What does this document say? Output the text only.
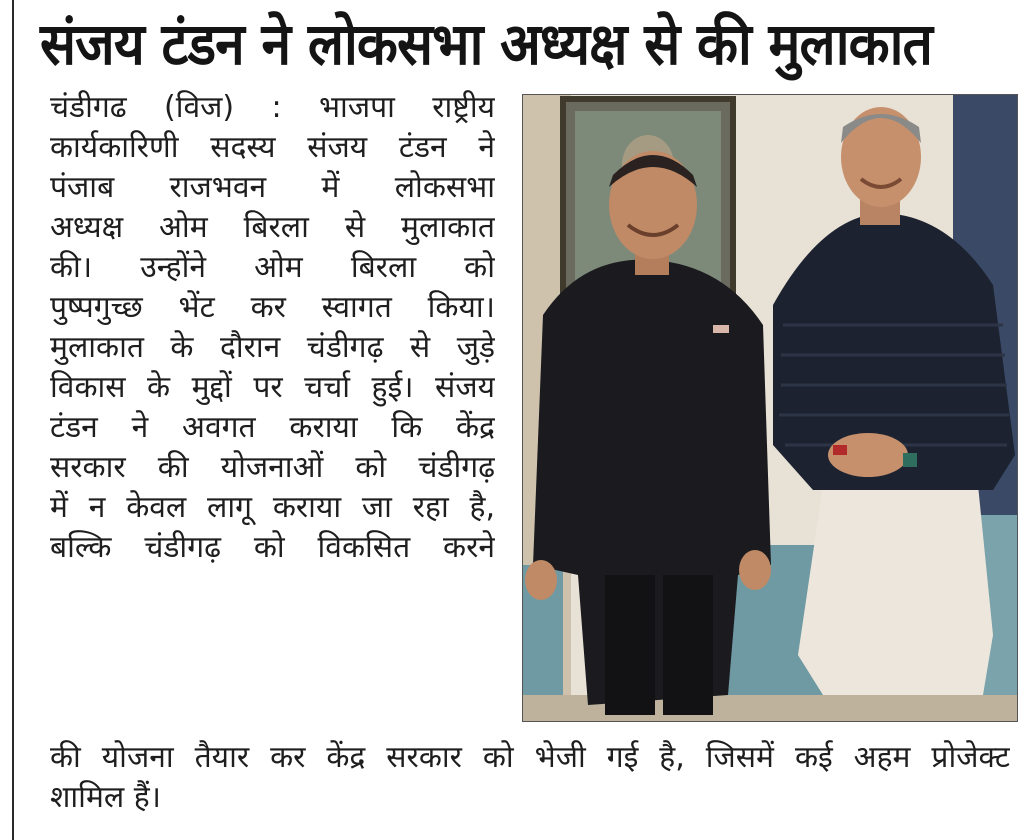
संजय टंडन ने लोकसभा अध्यक्ष से की मुलाकात
चंडीगढ (विज) : भाजपा राष्ट्रीय
कार्यकारिणी सदस्य संजय टंडन ने
पंजाब राजभवन में लोकसभा
अध्यक्ष ओम बिरला से मुलाकात
की। उन्होंने ओम बिरला को
पुष्पगुच्छ भेंट कर स्वागत किया।
मुलाकात के दौरान चंडीगढ़ से जुड़े
विकास के मुद्दों पर चर्चा हुई। संजय
टंडन ने अवगत कराया कि केंद्र
सरकार की योजनाओं को चंडीगढ़
में न केवल लागू कराया जा रहा है,
बल्कि चंडीगढ़ को विकसित करने
की योजना तैयार कर केंद्र सरकार को भेजी गई है, जिसमें कई अहम प्रोजेक्ट
शामिल हैं।
